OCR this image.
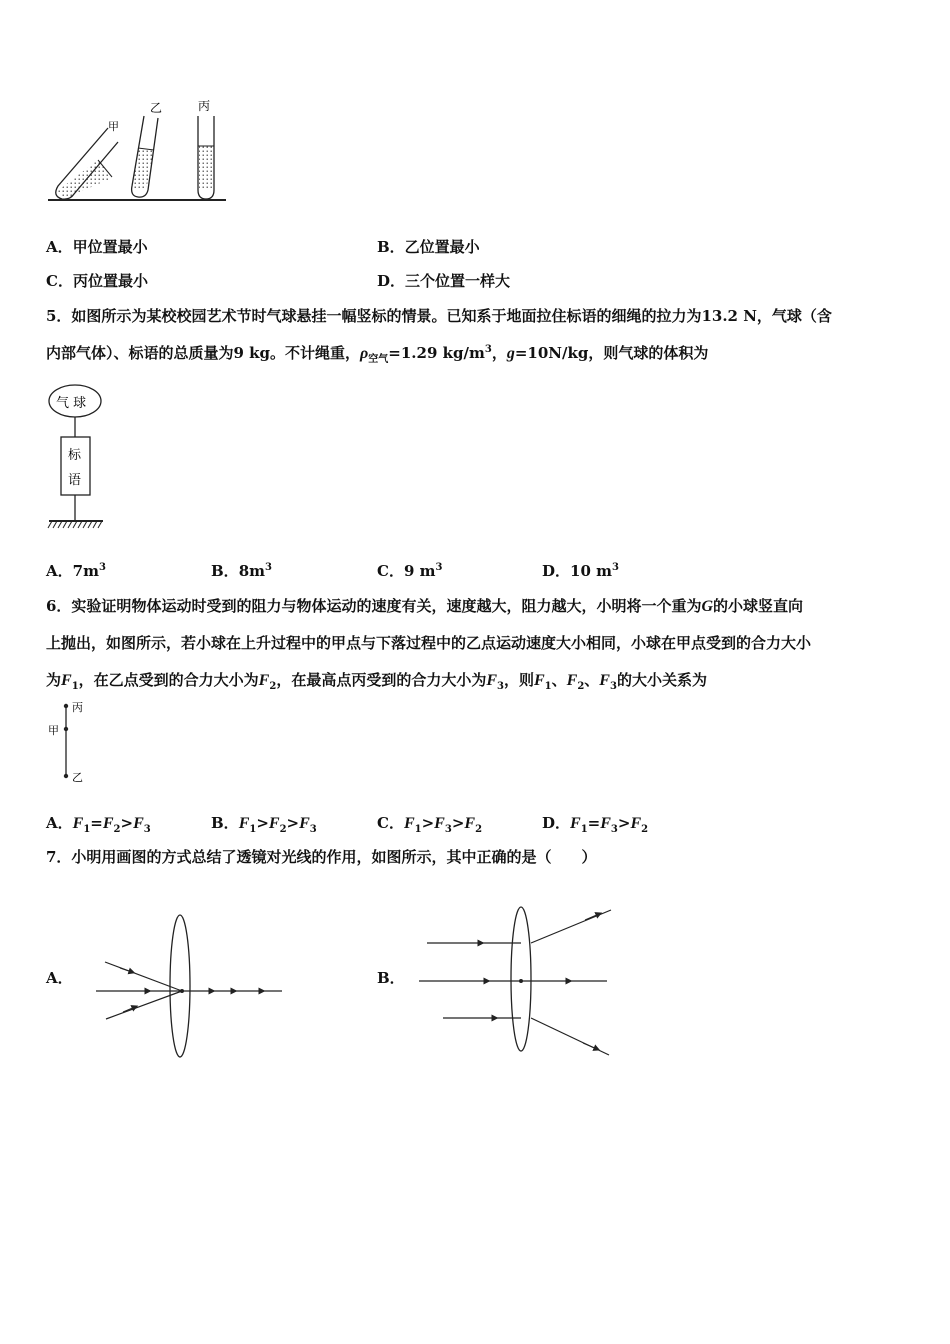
甲
乙	丙
A．甲位置最小	B．乙位置最小
C．丙位置最小	D．三个位置一样大
5．如图所示为某校校园艺术节时气球悬挂一幅竖标的情景。已知系于地面拉住标语的细绳的拉力为13.2 N，气球（含
内部气体）、标语的总质量为9 kg。不计绳重，$\rho_{空气}=1.29$ $kg/m^3$，g=10N/kg，则气球的体积为
气 球
标
语
A．$7m^3$	B．$8m^3$	C．9 $m^3$	D．10 $m^3$
6．实验证明物体运动时受到的阻力与物体运动的速度有关，速度越大，阻力越大，小明将一个重为G的小球竖直向
上抛出，如图所示，若小球在上升过程中的甲点与下落过程中的乙点运动速度大小相同，小球在甲点受到的合力大小
为$F_1$，在乙点受到的合力大小为$F_2$，在最高点丙受到的合力大小为$F_3$，则$F_1$、$F_2$、$F_3$的大小关系为
丙
甲
乙
A．$F_1=F_2>F_3$	B．$F_1>F_2>F_3$	C．$F_1>F_3>F_2$	D．$F_1=F_3>F_2$
7．小明用画图的方式总结了透镜对光线的作用，如图所示，其中正确的是（　　）
A．	B．
